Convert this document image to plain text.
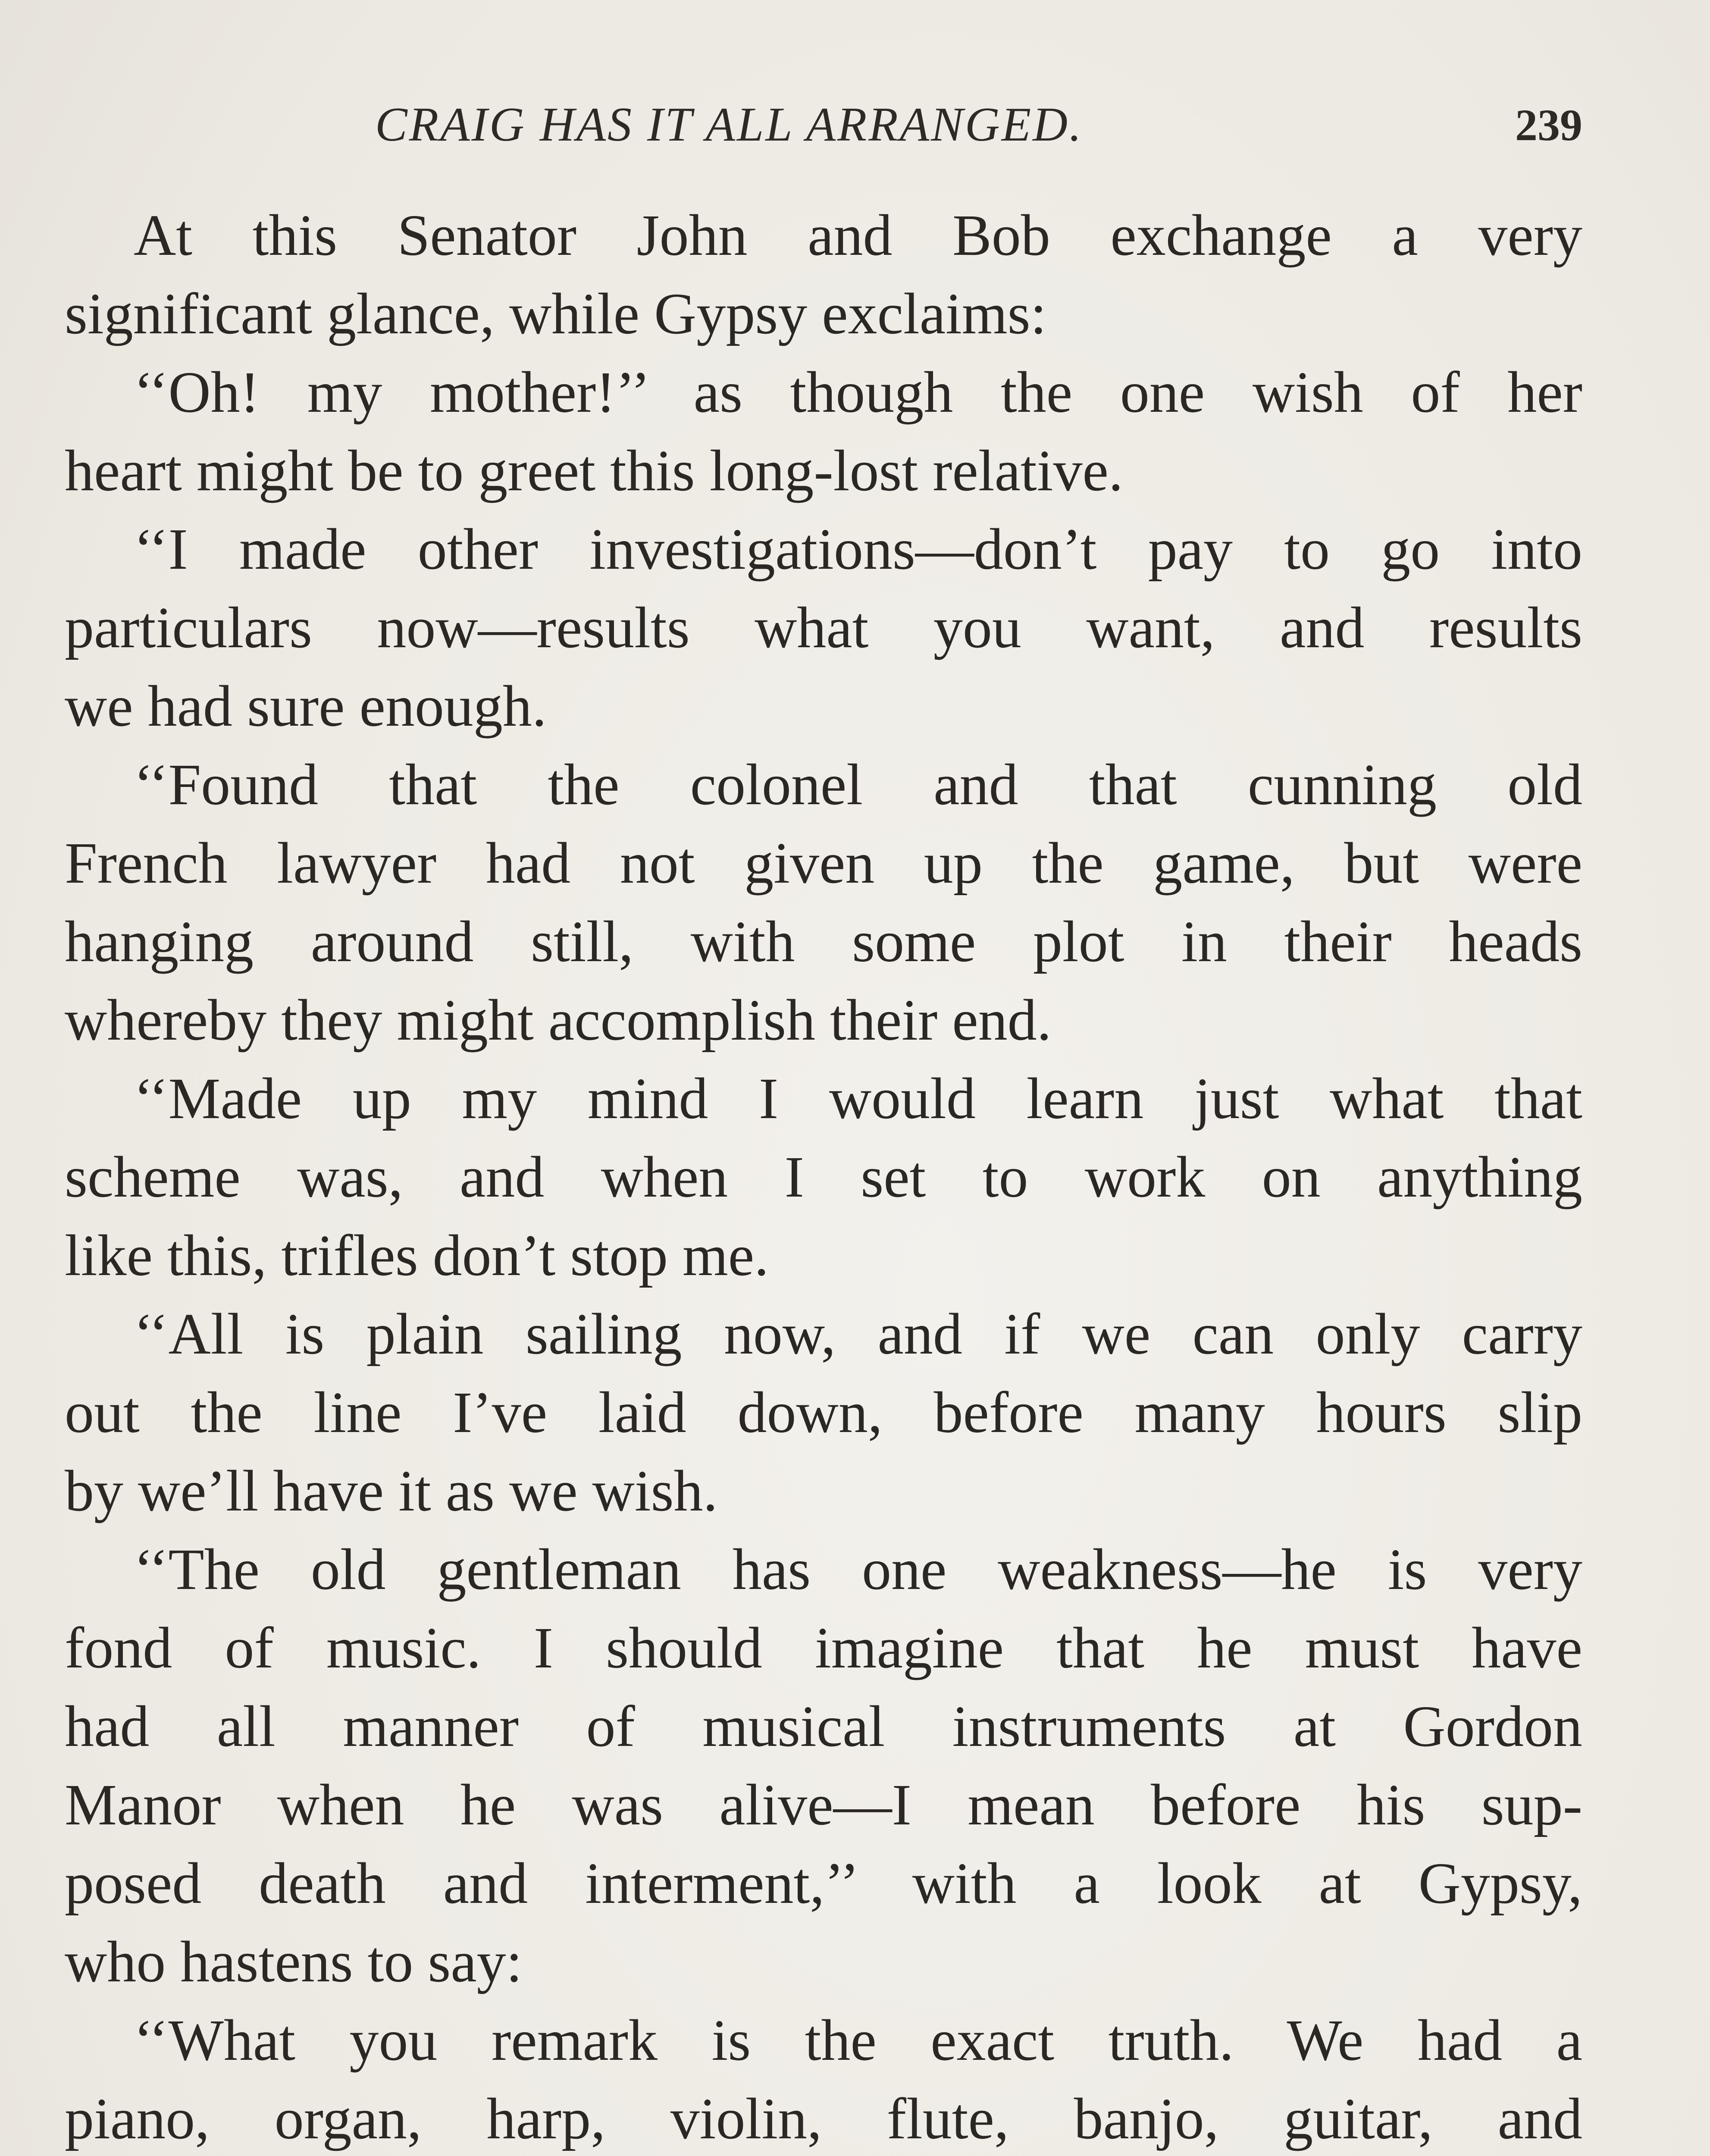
CRAIG HAS IT ALL ARRANGED.	239
At this Senator John and Bob exchange a very
significant glance, while Gypsy exclaims:
‘‘Oh! my mother!’’ as though the one wish of her
heart might be to greet this long-lost relative.
‘‘I made other investigations—don’t pay to go into
particulars now—results what you want, and results
we had sure enough.
‘‘Found that the colonel and that cunning old
French lawyer had not given up the game, but were
hanging around still, with some plot in their heads
whereby they might accomplish their end.
‘‘Made up my mind I would learn just what that
scheme was, and when I set to work on anything
like this, trifles don’t stop me.
‘‘All is plain sailing now, and if we can only carry
out the line I’ve laid down, before many hours slip
by we’ll have it as we wish.
‘‘The old gentleman has one weakness—he is very
fond of music. I should imagine that he must have
had all manner of musical instruments at Gordon
Manor when he was alive—I mean before his sup-
posed death and interment,’’ with a look at Gypsy,
who hastens to say:
‘‘What you remark is the exact truth. We had a
piano, organ, harp, violin, flute, banjo, guitar, and
